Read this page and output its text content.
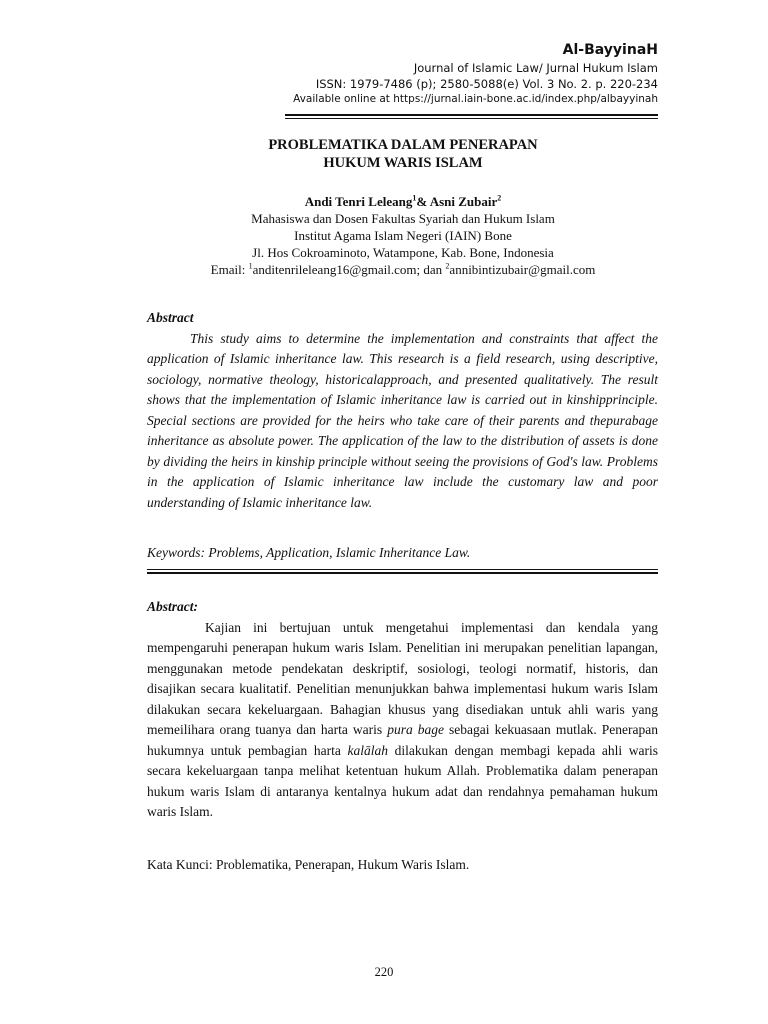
Al-BayyinaH
Journal of Islamic Law/ Jurnal Hukum Islam
ISSN: 1979-7486 (p); 2580-5088(e) Vol. 3 No. 2. p. 220-234
Available online at https://jurnal.iain-bone.ac.id/index.php/albayyinah
PROBLEMATIKA DALAM PENERAPAN
HUKUM WARIS ISLAM
Andi Tenri Leleang$^1$& Asni Zubair$^2$
Mahasiswa dan Dosen Fakultas Syariah dan Hukum Islam
Institut Agama Islam Negeri (IAIN) Bone
Jl. Hos Cokroaminoto, Watampone, Kab. Bone, Indonesia
Email: $^1$anditenrileleang16@gmail.com; dan $^2$annibintizubair@gmail.com
Abstract

This study aims to determine the implementation and constraints that affect the application of Islamic inheritance law. This research is a field research, using descriptive, sociology, normative theology, historicalapproach, and presented qualitatively. The result shows that the implementation of Islamic inheritance law is carried out in kinshipprinciple. Special sections are provided for the heirs who take care of their parents and thepurabage inheritance as absolute power. The application of the law to the distribution of assets is done by dividing the heirs in kinship principle without seeing the provisions of God's law. Problems in the application of Islamic inheritance law include the customary law and poor understanding of Islamic inheritance law.

Keywords: Problems, Application, Islamic Inheritance Law.
Abstract:

Kajian ini bertujuan untuk mengetahui implementasi dan kendala yang mempengaruhi penerapan hukum waris Islam. Penelitian ini merupakan penelitian lapangan, menggunakan metode pendekatan deskriptif, sosiologi, teologi normatif, historis, dan disajikan secara kualitatif. Penelitian menunjukkan bahwa implementasi hukum waris Islam dilakukan secara kekeluargaan. Bahagian khusus yang disediakan untuk ahli waris yang memeilihara orang tuanya dan harta waris pura bage sebagai kekuasaan mutlak. Penerapan hukumnya untuk pembagian harta kalālah dilakukan dengan membagi kepada ahli waris secara kekeluargaan tanpa melihat ketentuan hukum Allah. Problematika dalam penerapan hukum waris Islam di antaranya kentalnya hukum adat dan rendahnya pemahaman hukum waris Islam.

Kata Kunci: Problematika, Penerapan, Hukum Waris Islam.
220
